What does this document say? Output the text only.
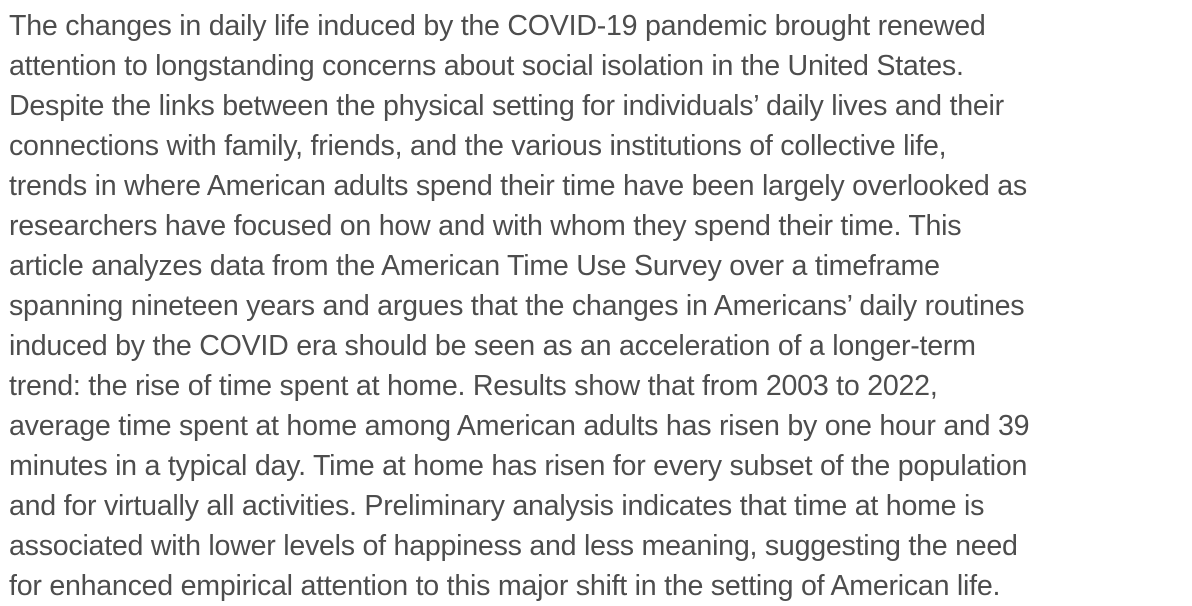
The changes in daily life induced by the COVID-19 pandemic brought renewed
attention to longstanding concerns about social isolation in the United States.
Despite the links between the physical setting for individuals’ daily lives and their
connections with family, friends, and the various institutions of collective life,
trends in where American adults spend their time have been largely overlooked as
researchers have focused on how and with whom they spend their time. This
article analyzes data from the American Time Use Survey over a timeframe
spanning nineteen years and argues that the changes in Americans’ daily routines
induced by the COVID era should be seen as an acceleration of a longer-term
trend: the rise of time spent at home. Results show that from 2003 to 2022,
average time spent at home among American adults has risen by one hour and 39
minutes in a typical day. Time at home has risen for every subset of the population
and for virtually all activities. Preliminary analysis indicates that time at home is
associated with lower levels of happiness and less meaning, suggesting the need
for enhanced empirical attention to this major shift in the setting of American life.
